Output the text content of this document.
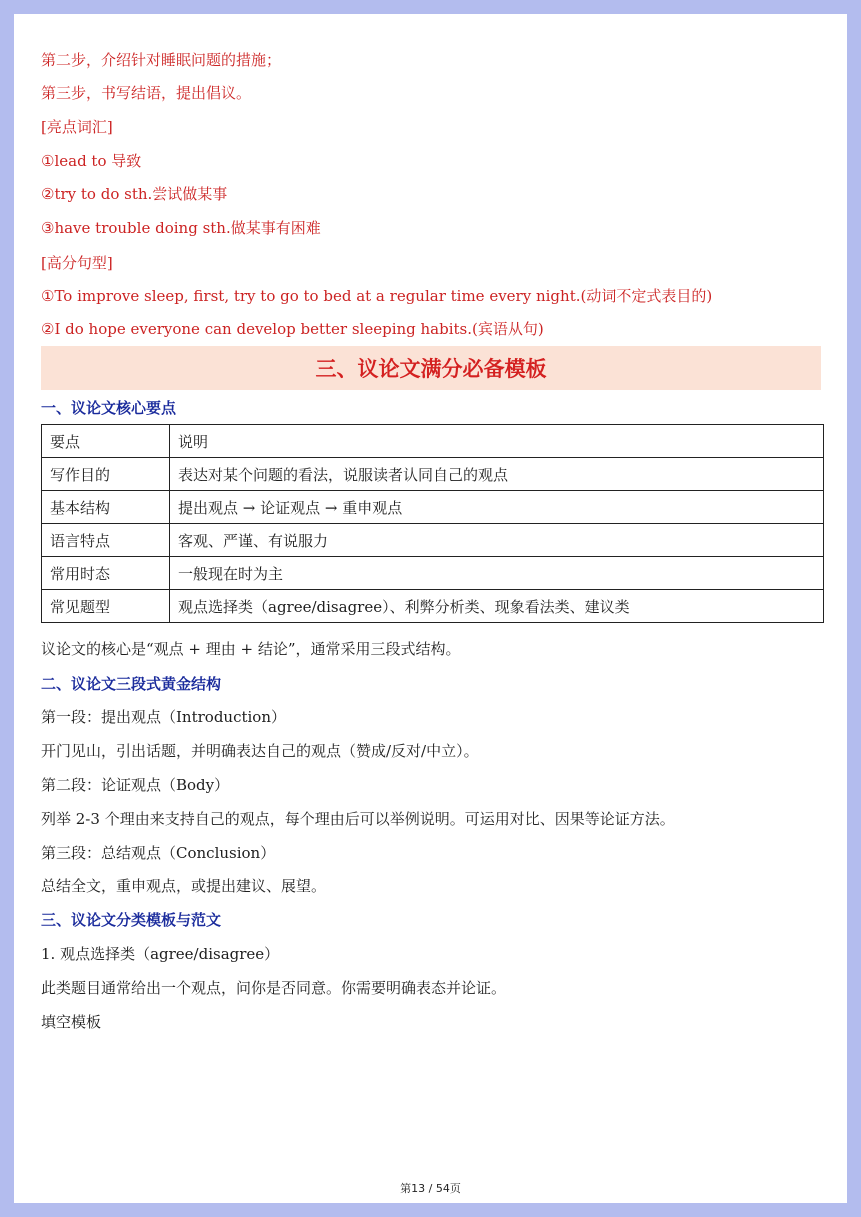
第二步，介绍针对睡眠问题的措施；
第三步，书写结语，提出倡议。
[亮点词汇]
①lead to 导致
②try to do sth.尝试做某事
③have trouble doing sth.做某事有困难
[高分句型]
①To improve sleep, first, try to go to bed at a regular time every night.(动词不定式表目的)
②I do hope everyone can develop better sleeping habits.(宾语从句)
三、议论文满分必备模板
一、议论文核心要点
要点	说明
写作目的	表达对某个问题的看法，说服读者认同自己的观点
基本结构	提出观点 → 论证观点 → 重申观点
语言特点	客观、严谨、有说服力
常用时态	一般现在时为主
常见题型	观点选择类（agree/disagree）、利弊分析类、现象看法类、建议类
议论文的核心是“观点 + 理由 + 结论”，通常采用三段式结构。
二、议论文三段式黄金结构
第一段：提出观点（Introduction）
开门见山，引出话题，并明确表达自己的观点（赞成/反对/中立）。
第二段：论证观点（Body）
列举 2-3 个理由来支持自己的观点，每个理由后可以举例说明。可运用对比、因果等论证方法。
第三段：总结观点（Conclusion）
总结全文，重申观点，或提出建议、展望。
三、议论文分类模板与范文
1. 观点选择类（agree/disagree）
此类题目通常给出一个观点，问你是否同意。你需要明确表态并论证。
填空模板
第13 / 54页
